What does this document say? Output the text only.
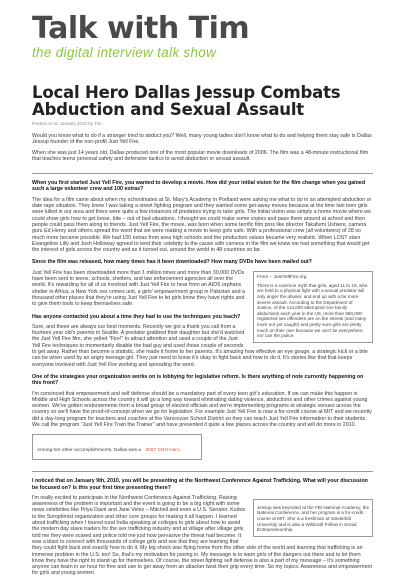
Talk with Tim
the digital interview talk show
Local Hero Dallas Jessup Combats Abduction and Sexual Assault
Posted on 02 January 2010 by Tim
Would you know what to do if a stranger tried to abduct you? Well, many young ladies don't know what to do and helping them stay safe is Dallas Jessup founder of the non-profit Just Yell Fire.
When she was just 14 years old, Dallas produced one of the most popular movie downloads of 2006. The film was a 48-minute instructional film that teaches teens personal safety and defensive tactics to avoid abduction or sexual assault.
When you first started Just Yell Fire, you wanted to develop a movie. How did your initial vision for the film change when you gained such a large volunteer crew and 100 extras?
The idea for a film came about when my schoolmates at St. Mary's Academy in Portland were asking me what to do in an attempted abduction or date rape situation. They knew I was taking a street fighting program and they wanted some get-away moves because at the time two teen girls were killed in our area and there were quite a few instances of predators trying to take girls. The initial vision was simply a home movie where we could show girls how to get loose, bite – out of bad situations. I thought we could make some copies and pass them around at school and then people could pass them along to friends. Just Yell Fire, the movie, was born when some terrific film pros like director Takafumi Ushiere, camera guru Ed Henry and others spread the word that we were making a movie to keep girls safe. With a professional crew (all volunteers) of 28 so much more became possible. We had 100 extras from area high schools and the production values became very realistic. When LOST stars Evangeline Lilly and Josh Holloway agreed to lend their celebrity to the cause with cameos in the film we knew we had something that would get the interest of girls across the country and as it turned out, around the world in 48 countries so far.
Since the film was released, how many times has it been downloaded? How many DVDs have been mailed out?
From – JustYellFire.org
There is a common myth that girls, aged 11 to 19, who are held to a physical fight with a sexual predator will only anger the abuser, and end up with a far more severe assault. According to the Department of Justice, of the 114,000 attempted non-family abductions each year in the US, more than 580,000 registered sex offenders are on the streets (and many more not yet caught) and pretty sure girls are pretty much on their own because we can't be everywhere, nor can the police.
Just Yell Fire has been downloaded more than 1 million times and more than 30,000 DVDs have been sent to teens, schools, shelters, and law enforcement agencies all over the world. It's rewarding for all of us involved with Just Yell Fire to hear from an AIDS orphans shelter in Africa, a New York sex crimes unit, a girls' empowerment group in Pakistan and a thousand other places that they're using Just Yell Fire to let girls know they have rights and to give them tools to keep themselves safe.
Has anyone contacted you about a time they had to use the techniques you teach?
Sure, and these are always our best moments. Recently we got a thank you call from a fourteen year old's parents in Seattle. A predator grabbed their daughter but she'd watched the Just Yell Fire film, she yelled "Fire!" to attract attention and used a couple of the Just Yell Fire techniques to momentarily disable the bad guy and used those couple of seconds to get away. Rather than become a statistic, she made it home to her parents. It's amazing how effective an eye gouge, a strategic kick or a bite can be when used by an angry teenage girl. They just need to know it's okay to fight back and how to do it. It's stories like that that keeps everyone involved with Just Yell Fire working and spreading the word.
One of the strategies your organization works on is lobbying for legislative reform. Is there anything of note currently happening on this front?
I'm convinced that empowerment and self defense should be a mandatory part of every teen girl's education. If we can make this happen in Middle and High Schools across the country it will go a long way toward eliminating dating violence, abductions and other crimes against young women. We've gotten endorsements from a broad group of elected officials and we're implementing programs at strategic venues across the country so we'll have the proof-of-concept when we go for legislation. For example Just Yell Fire is now a for-credit course at MIT and we recently did a day-long program for teachers and coaches at the Vancouver School District so they can teach Just Yell Fire information to their students. We call the program "Just Yell Fire Train the Trainer" and have presented it quite a few places across the country and will do more in 2010.
Among her other accomplishments, Dallas was a 2007 CNN Hero.
I noticed that on January 9th, 2010, you will be presenting at the Northwest Conference Against Trafficking. What will your discussion be focused on? Is this your first time presenting there?
Jessup was keynoted at the FBI National Academy, the National Conference, and her program is a for-credit course at MIT. She is a freshman at Vanderbilt University and is also a Wildcraft Fellow in Social Entrepreneurship.
I'm really excited to participate in the Northwest Conference Against Trafficking. Raising awareness of the problem is important and the event is going to be a big night with some news celebrities like Priya Davé and Jane Velez – Mitchell and even a U.S. Senator. Kudos to the Soroptimist organization and other core groups for making it all happen. I learned about trafficking when I toured rural India speaking at colleges to girls about how to avoid the modern day slave traders for the sex trafficking industry and at village after village girls told me they were scared and police told me just how pervasive the threat had become. It was a blast to connect with thousands of college girls and see that they are learning that they could fight back and exactly how to do it. My big shock was flying home from the other side of the world and learning that trafficking is an immense problem in the U.S. too! So, that's my motivation for joining in. My message is to warn girls of the dangers out there and to let them know they have the right to stand up for themselves. Of course, the street fighting self defense is also a part of my message – it's something anyone can learn in an hour for free and use to get away from an attacker twist their grip every time. So my topics: Awareness and empowerment for girls and young women.
